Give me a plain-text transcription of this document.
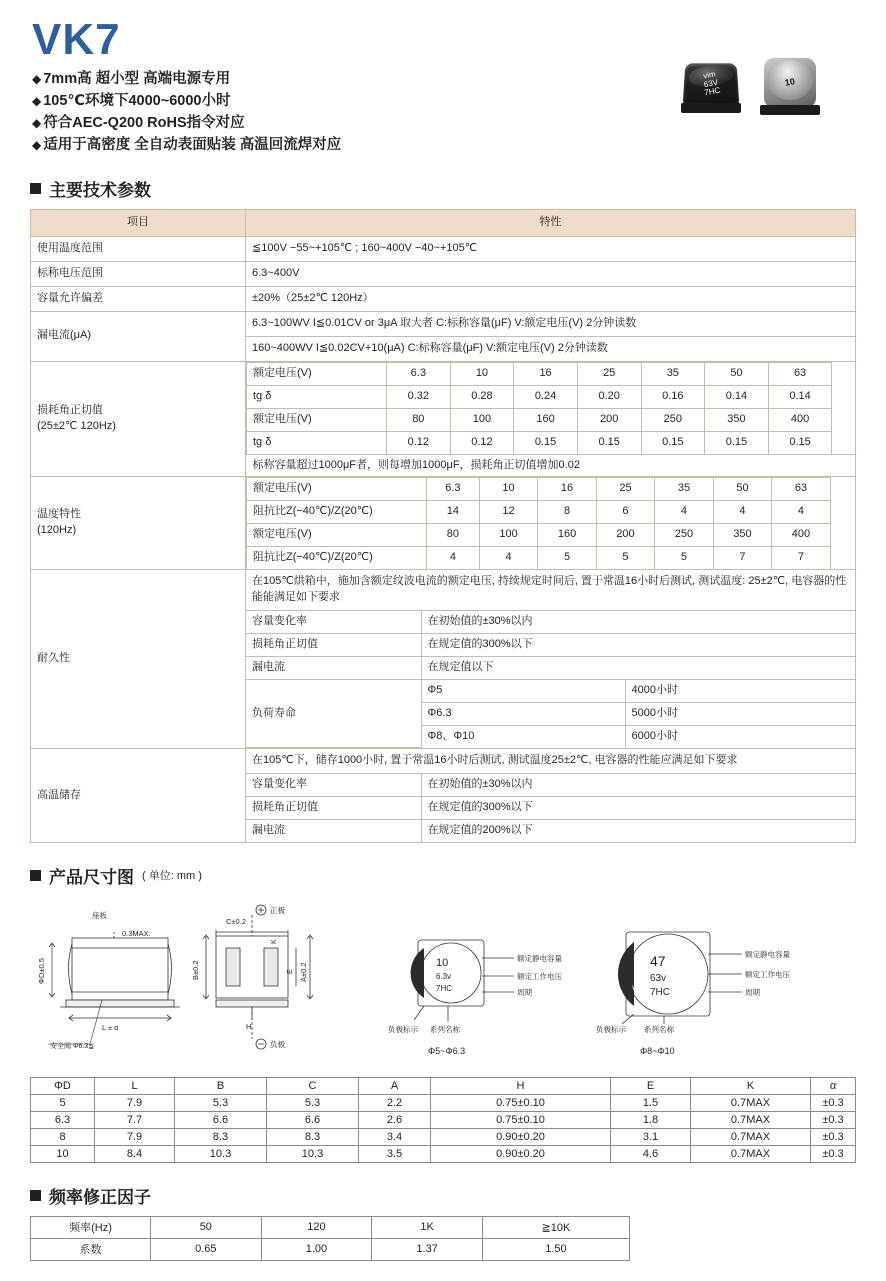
VK7
◆ 7mm高 超小型 高端电源专用
◆ 105℃环境下4000~6000小时
◆ 符合AEC-Q200 RoHS指令对应
◆ 适用于高密度 全自动表面贴装 高温回流焊对应
vim
63V
7HC
10
主要技术参数
项目	特性
使用温度范围	≦100V −55~+105℃ ; 160~400V −40~+105℃
标称电压范围	6.3~400V
容量允许偏差	±20%（25±2℃ 120Hz）
漏电流(μA)	6.3~100WV I≦0.01CV or 3μA 取大者 C:标称容量(μF) V:额定电压(V) 2分钟读数
160~400WV I≦0.02CV+10(μA) C:标称容量(μF) V:额定电压(V) 2分钟读数

损耗角正切值
(25±2℃ 120Hz)

额定电压(V)	6.3	10	16	25	35	50	63	
tg δ	0.32	0.28	0.24	0.20	0.16	0.14	0.14	
额定电压(V)	80	100	160	200	250	350	400	
tg δ	0.12	0.12	0.15	0.15	0.15	0.15	0.15	
标称容量超过1000μF者，则每增加1000μF，损耗角正切值增加0.02

温度特性
(120Hz)

额定电压(V)	6.3	10	16	25	35	50	63	
阻抗比Z(−40℃)/Z(20℃)	14	12	8	6	4	4	4	
额定电压(V)	80	100	160	200	250	350	400	
阻抗比Z(−40℃)/Z(20℃)	4	4	5	5	5	7	7	

耐久性	
在105℃烘箱中，施加含额定纹波电流的额定电压, 持续规定时间后, 置于常温16小时后测试, 测试温度: 25±2℃, 电容器的性能能满足如下要求
容量变化率	在初始值的±30%以内
损耗角正切值	在规定值的300%以下
漏电流	在规定值以下
负荷寿命	Φ5	4000小时
Φ6.3	5000小时
Φ8、Φ10	6000小时

高温储存	
在105℃下，储存1000小时, 置于常温16小时后测试, 测试温度25±2℃, 电容器的性能应满足如下要求
容量变化率	在初始值的±30%以内
损耗角正切值	在规定值的300%以下
漏电流	在规定值的200%以下
产品尺寸图 ( 单位: mm )
座板
0.3MAX.
ΦD±0.5
L ± α
安全阀 Φ6.3≦
C±0.2
B±0.2	E A±0.2
K
H
正极
负极
10
6.3v
7HC
vim
额定静电容量
额定工作电压
周期
负极标示 系列名称
Φ5~Φ6.3
47
63v
7HC
vim
额定静电容量
额定工作电压
周期
负极标示 系列名称
Φ8~Φ10
ΦD	L	B	C	A	H	E	K	α
5	7.9	5.3	5.3	2.2	0.75±0.10	1.5	0.7MAX	±0.3
6.3	7.7	6.6	6.6	2.6	0.75±0.10	1.8	0.7MAX	±0.3
8	7.9	8.3	8.3	3.4	0.90±0.20	3.1	0.7MAX	±0.3
10	8.4	10.3	10.3	3.5	0.90±0.20	4.6	0.7MAX	±0.3
频率修正因子
频率(Hz)	50	120	1K	≧10K
系数	0.65	1.00	1.37	1.50
